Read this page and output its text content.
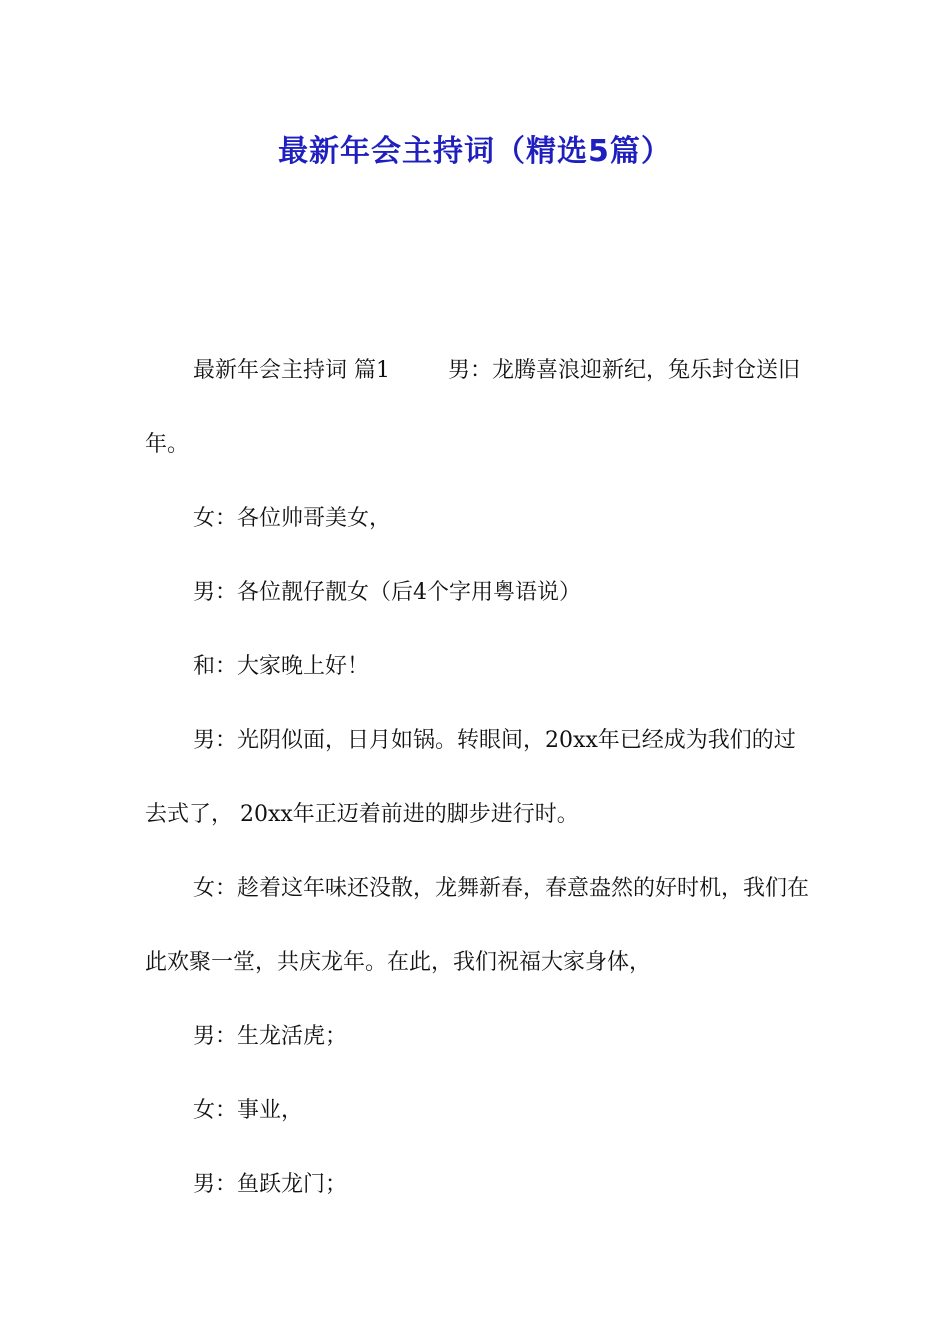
最新年会主持词（精选5篇）

最新年会主持词 篇1	男：龙腾喜浪迎新纪，兔乐封仓送旧年。

女：各位帅哥美女，

男：各位靓仔靓女（后4个字用粤语说）

和：大家晚上好！

男：光阴似面，日月如锅。转眼间，20xx年已经成为我们的过去式了， 20xx年正迈着前进的脚步进行时。

女：趁着这年味还没散，龙舞新春，春意盎然的好时机，我们在此欢聚一堂，共庆龙年。在此，我们祝福大家身体，

男：生龙活虎；

女：事业，

男：鱼跃龙门；
